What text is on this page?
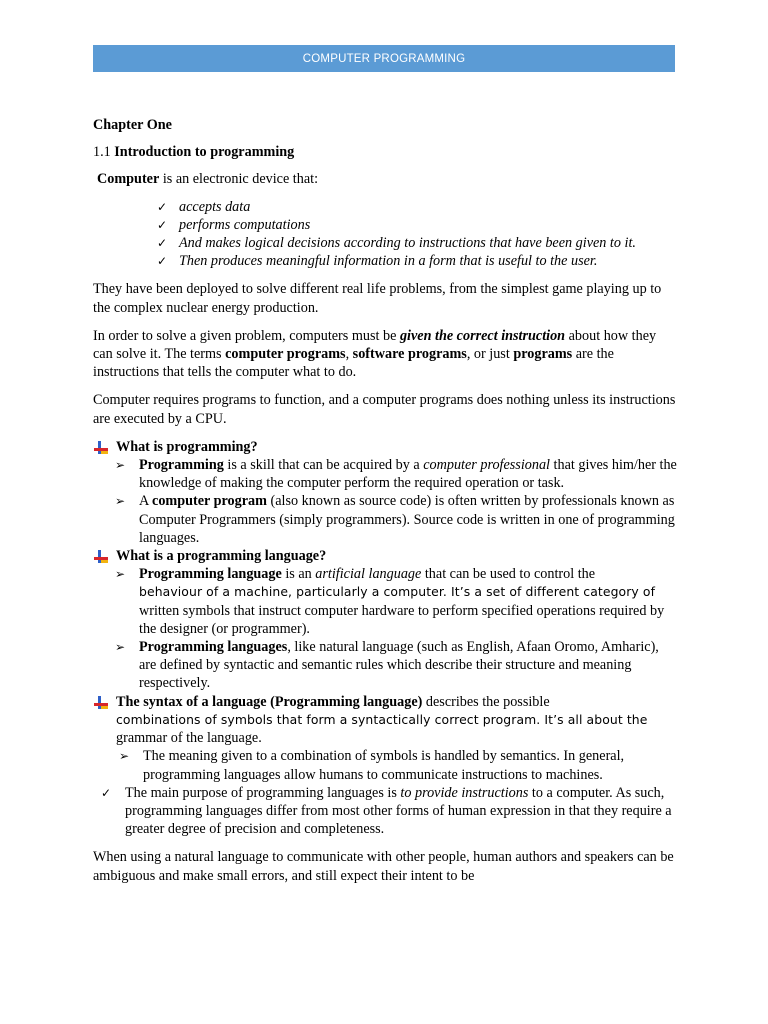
COMPUTER PROGRAMMING

Chapter One

1.1 Introduction to programming

Computer is an electronic device that:

✓ accepts data
✓ performs computations
✓ And makes logical decisions according to instructions that have been given to it.
✓ Then produces meaningful information in a form that is useful to the user.

They have been deployed to solve different real life problems, from the simplest game playing up to the complex nuclear energy production.

In order to solve a given problem, computers must be given the correct instruction about how they can solve it. The terms computer programs, software programs, or just programs are the instructions that tells the computer what to do.

Computer requires programs to function, and a computer programs does nothing unless its instructions are executed by a CPU.

What is programming?
➢ Programming is a skill that can be acquired by a computer professional that gives him/her the knowledge of making the computer perform the required operation or task.
➢ A computer program (also known as source code) is often written by professionals known as Computer Programmers (simply programmers). Source code is written in one of programming languages.
What is a programming language?
➢ Programming language is an artificial language that can be used to control the
behaviour of a machine, particularly a computer. It’s a set of different category of
written symbols that instruct computer hardware to perform specified operations required by the designer (or programmer).
➢ Programming languages, like natural language (such as English, Afaan Oromo, Amharic), are defined by syntactic and semantic rules which describe their structure and meaning respectively.
The syntax of a language (Programming language) describes the possible
combinations of symbols that form a syntactically correct program. It’s all about the
grammar of the language.
➢ The meaning given to a combination of symbols is handled by semantics. In general, programming languages allow humans to communicate instructions to machines.
✓ The main purpose of programming languages is to provide instructions to a computer. As such, programming languages differ from most other forms of human expression in that they require a greater degree of precision and completeness.

When using a natural language to communicate with other people, human authors and speakers can be ambiguous and make small errors, and still expect their intent to be
